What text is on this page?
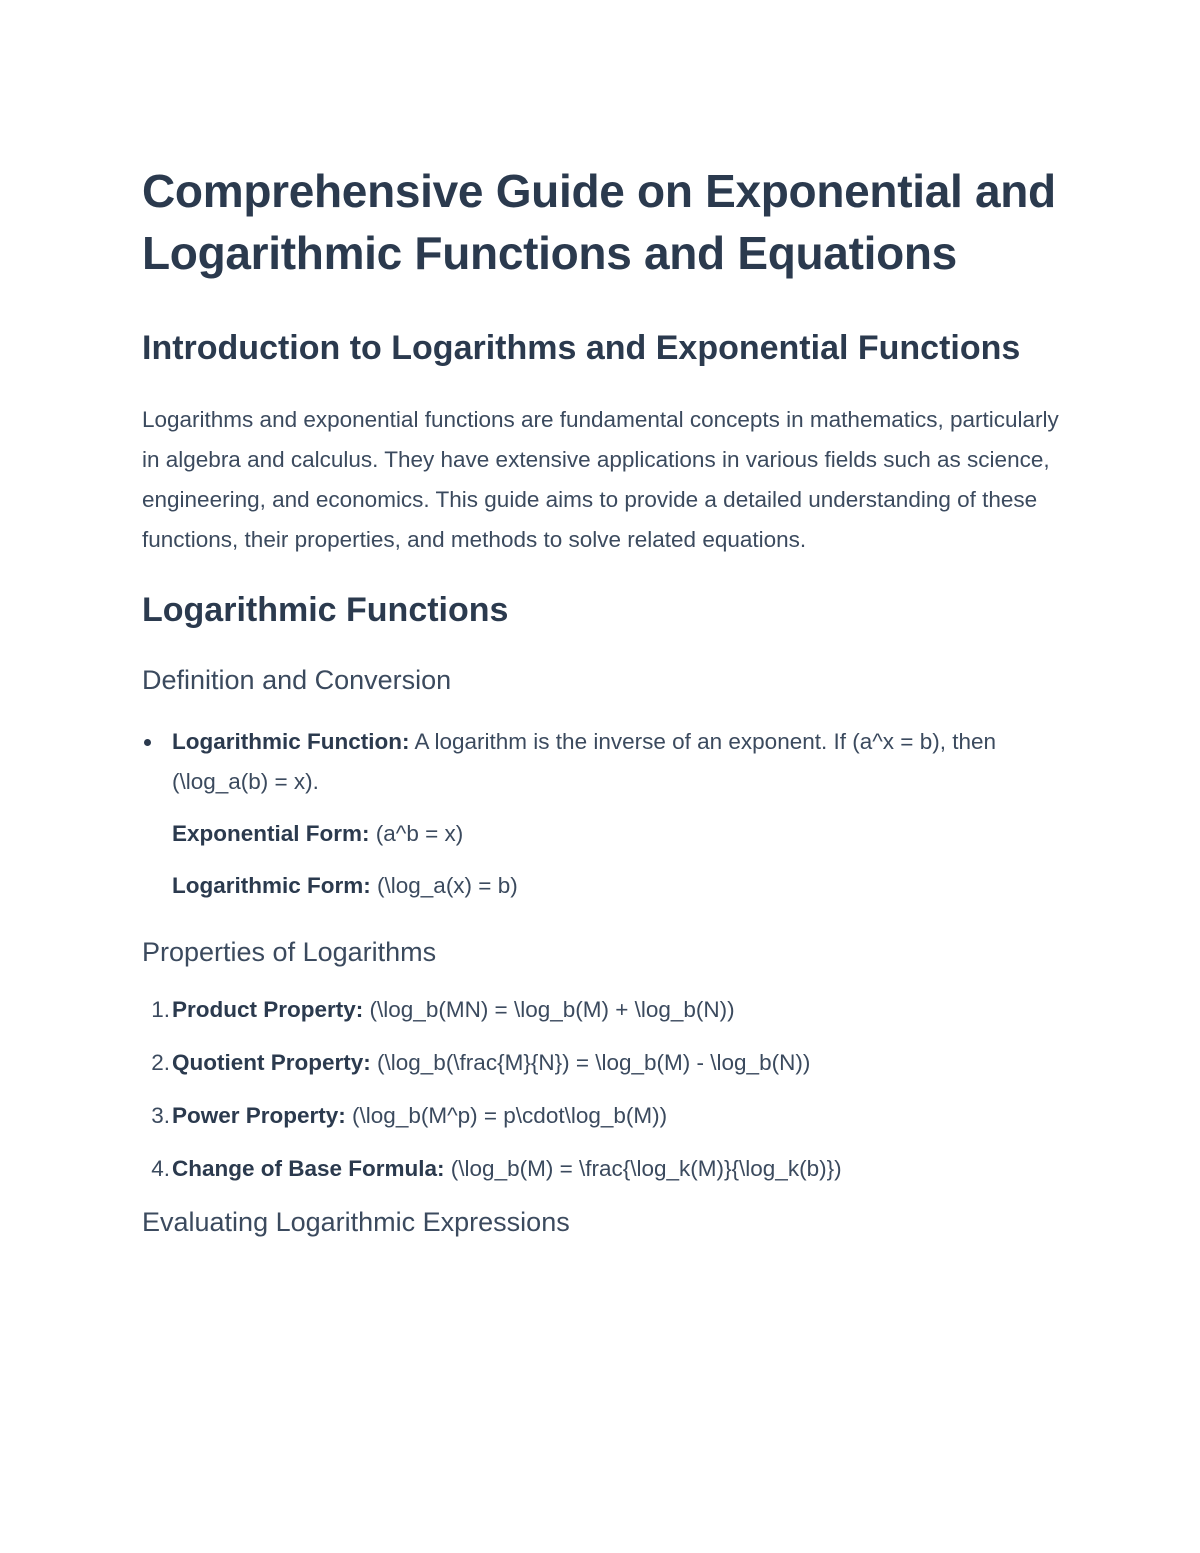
Comprehensive Guide on Exponential and Logarithmic Functions and Equations
Introduction to Logarithms and Exponential Functions

Logarithms and exponential functions are fundamental concepts in mathematics, particularly in algebra and calculus. They have extensive applications in various fields such as science, engineering, and economics. This guide aims to provide a detailed understanding of these functions, their properties, and methods to solve related equations.

Logarithmic Functions
Definition and Conversion
Logarithmic Function: A logarithm is the inverse of an exponent. If (a^x = b), then (\log_a(b) = x).
Exponential Form: (a^b = x)
Logarithmic Form: (\log_a(x) = b)
Properties of Logarithms
1. Product Property: (\log_b(MN) = \log_b(M) + \log_b(N))
2. Quotient Property: (\log_b(\frac{M}{N}) = \log_b(M) - \log_b(N))
3. Power Property: (\log_b(M^p) = p\cdot\log_b(M))
4. Change of Base Formula: (\log_b(M) = \frac{\log_k(M)}{\log_k(b)})
Evaluating Logarithmic Expressions
